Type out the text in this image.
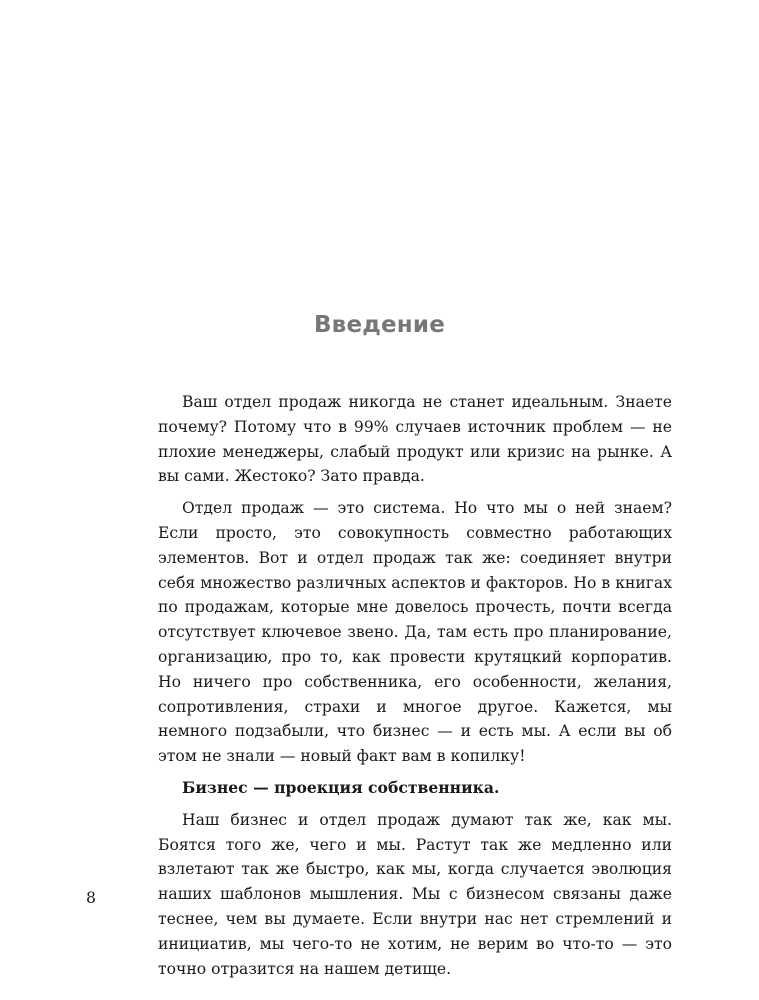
Введение

Ваш отдел продаж никогда не станет идеальным. Знаете почему? Потому что в 99% случаев источник проблем — не плохие менеджеры, слабый продукт или кризис на рынке. А вы сами. Жестоко? Зато правда.

Отдел продаж — это система. Но что мы о ней знаем? Если просто, это совокупность совместно работающих элементов. Вот и отдел продаж так же: соединяет внутри себя множество различных аспектов и факторов. Но в книгах по продажам, которые мне довелось прочесть, почти всегда отсутствует ключевое звено. Да, там есть про планирование, организацию, про то, как провести крутяцкий корпоратив. Но ничего про собственника, его особенности, желания, сопротивления, страхи и многое другое. Кажется, мы немного подзабыли, что бизнес — и есть мы. А если вы об этом не знали — новый факт вам в копилку!

Бизнес — проекция собственника.

Наш бизнес и отдел продаж думают так же, как мы. Боятся того же, чего и мы. Растут так же медленно или взлетают так же быстро, как мы, когда случается эволюция наших шаблонов мышления. Мы с бизнесом связаны даже теснее, чем вы думаете. Если внутри нас нет стремлений и инициатив, мы чего-то не хотим, не верим во что-то — это точно отразится на нашем детище.

8
